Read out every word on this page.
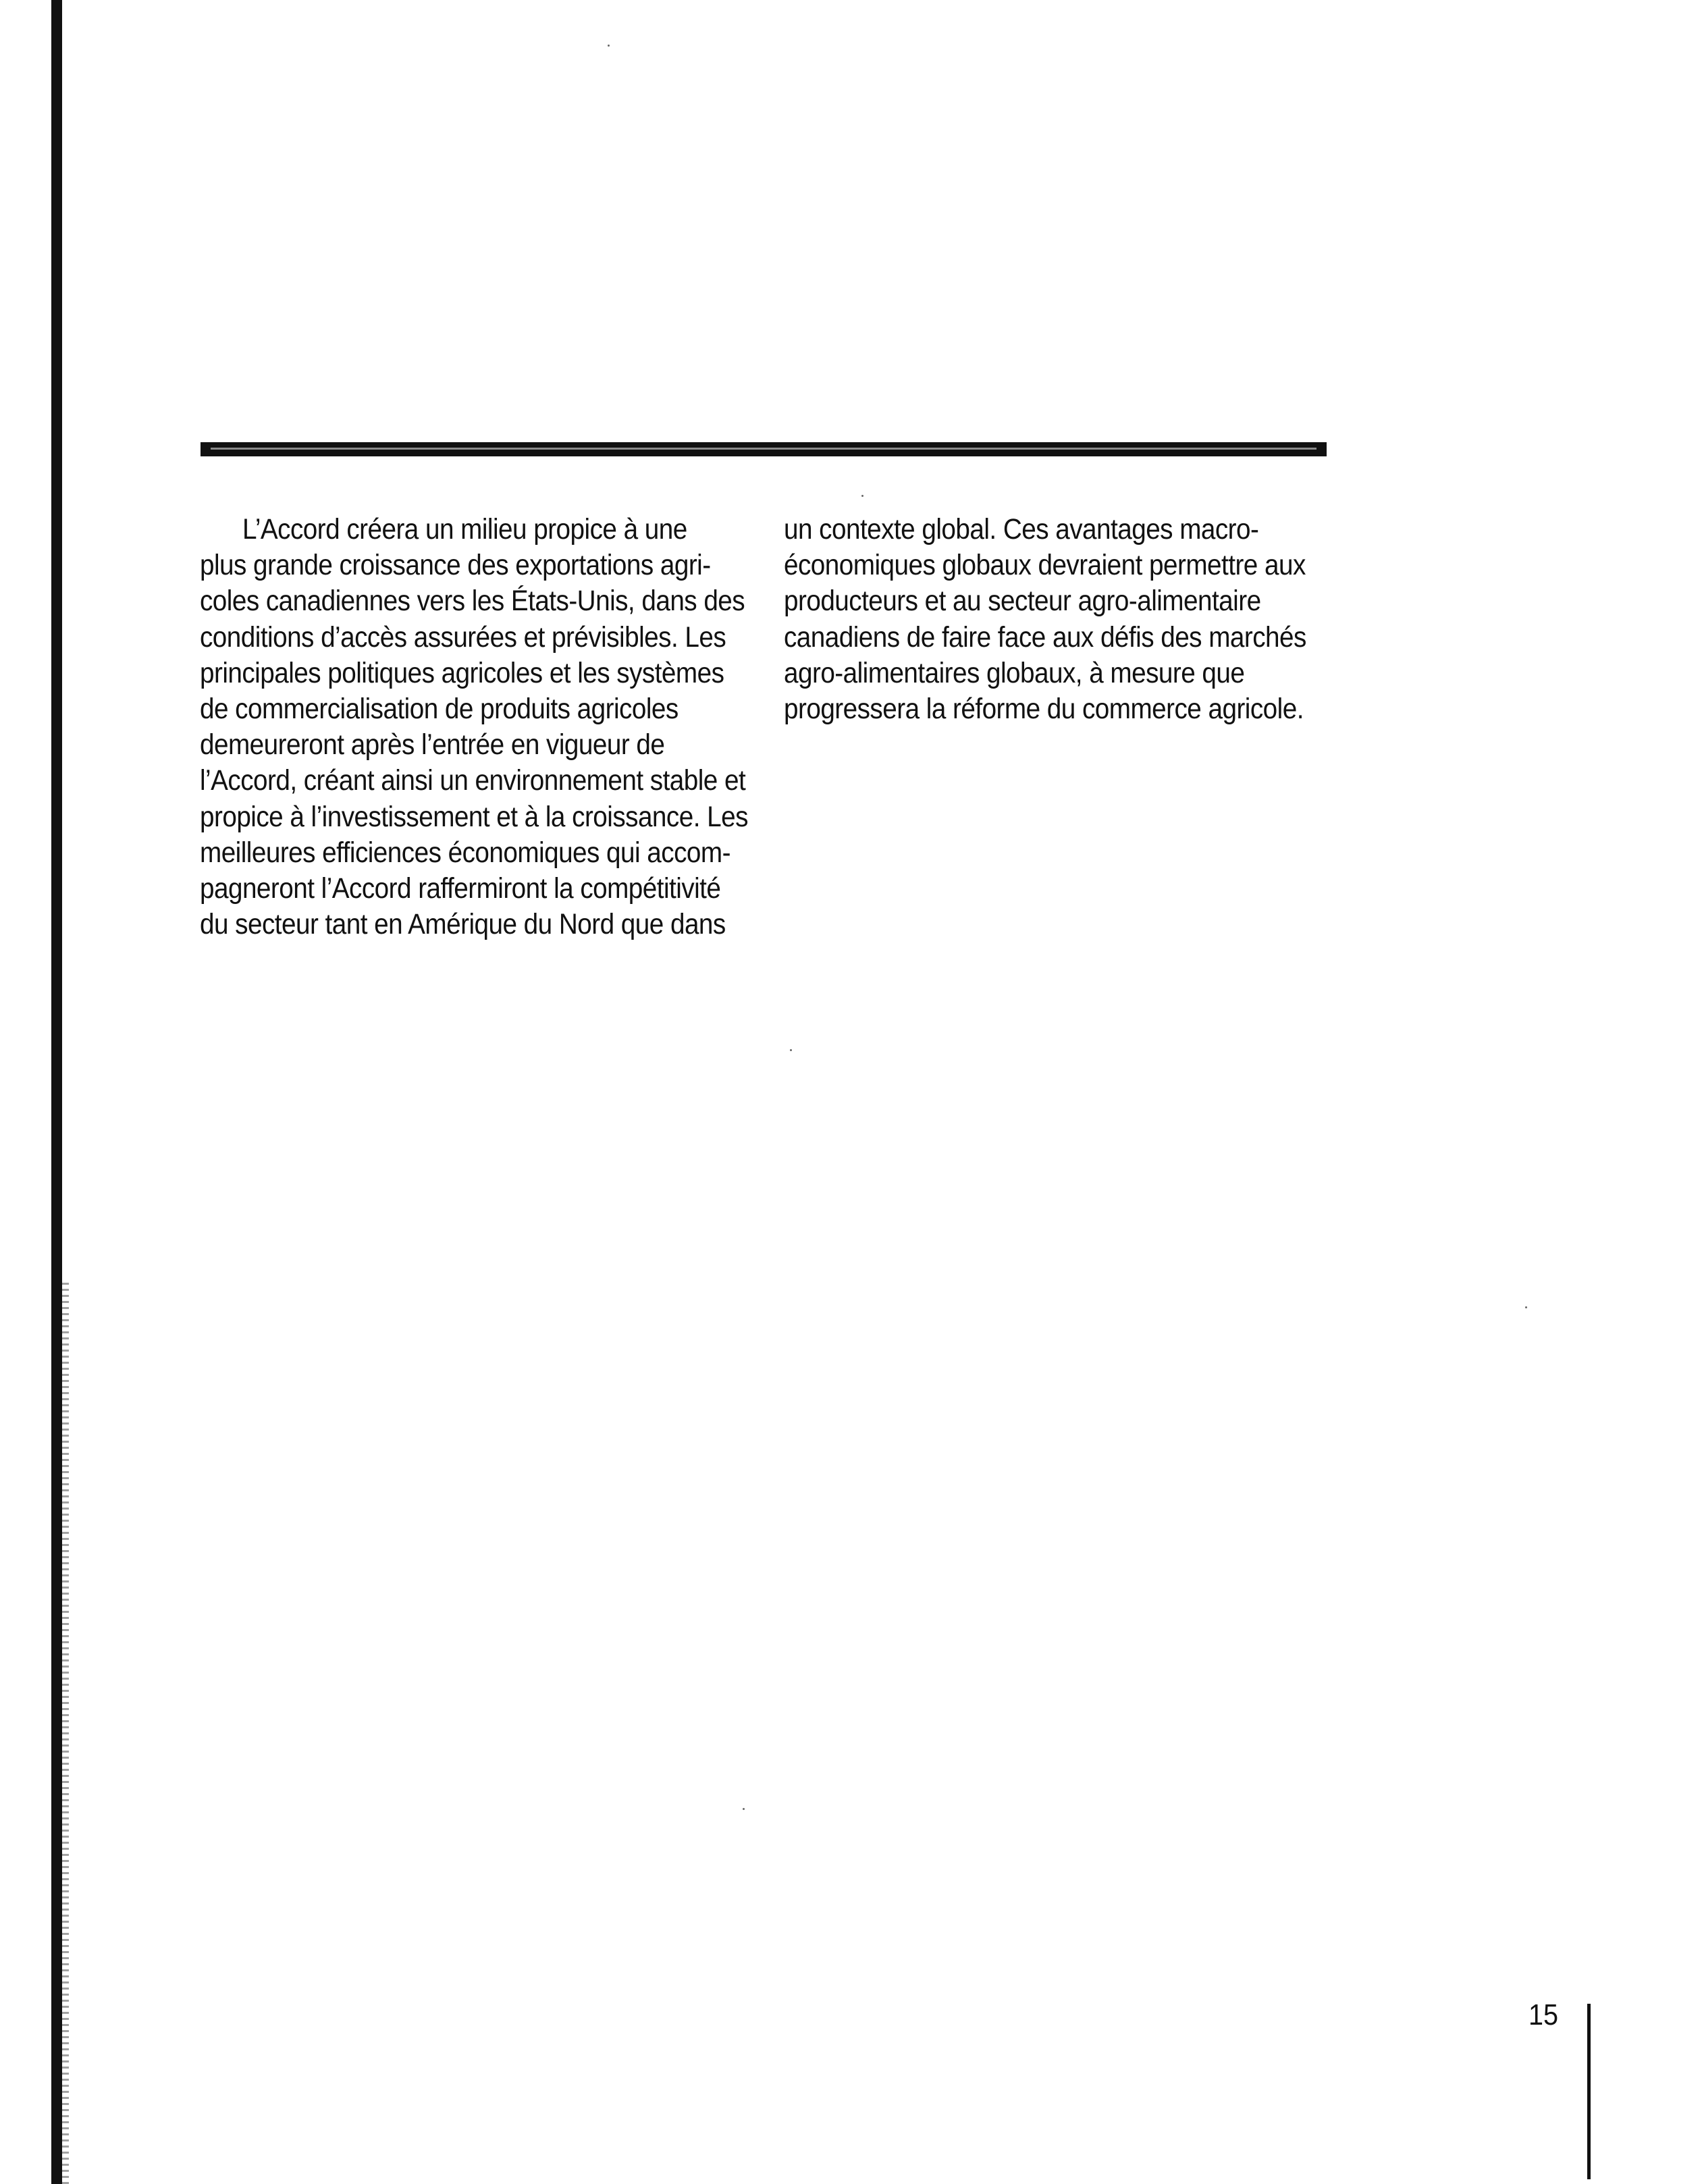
L’Accord créera un milieu propice à une
plus grande croissance des exportations agri-
coles canadiennes vers les États-Unis, dans des
conditions d’accès assurées et prévisibles. Les
principales politiques agricoles et les systèmes
de commercialisation de produits agricoles
demeureront après l’entrée en vigueur de
l’Accord, créant ainsi un environnement stable et
propice à l’investissement et à la croissance. Les
meilleures efficiences économiques qui accom-
pagneront l’Accord raffermiront la compétitivité
du secteur tant en Amérique du Nord que dans

un contexte global. Ces avantages macro-
économiques globaux devraient permettre aux
producteurs et au secteur agro-alimentaire
canadiens de faire face aux défis des marchés
agro-alimentaires globaux, à mesure que
progressera la réforme du commerce agricole.

15
